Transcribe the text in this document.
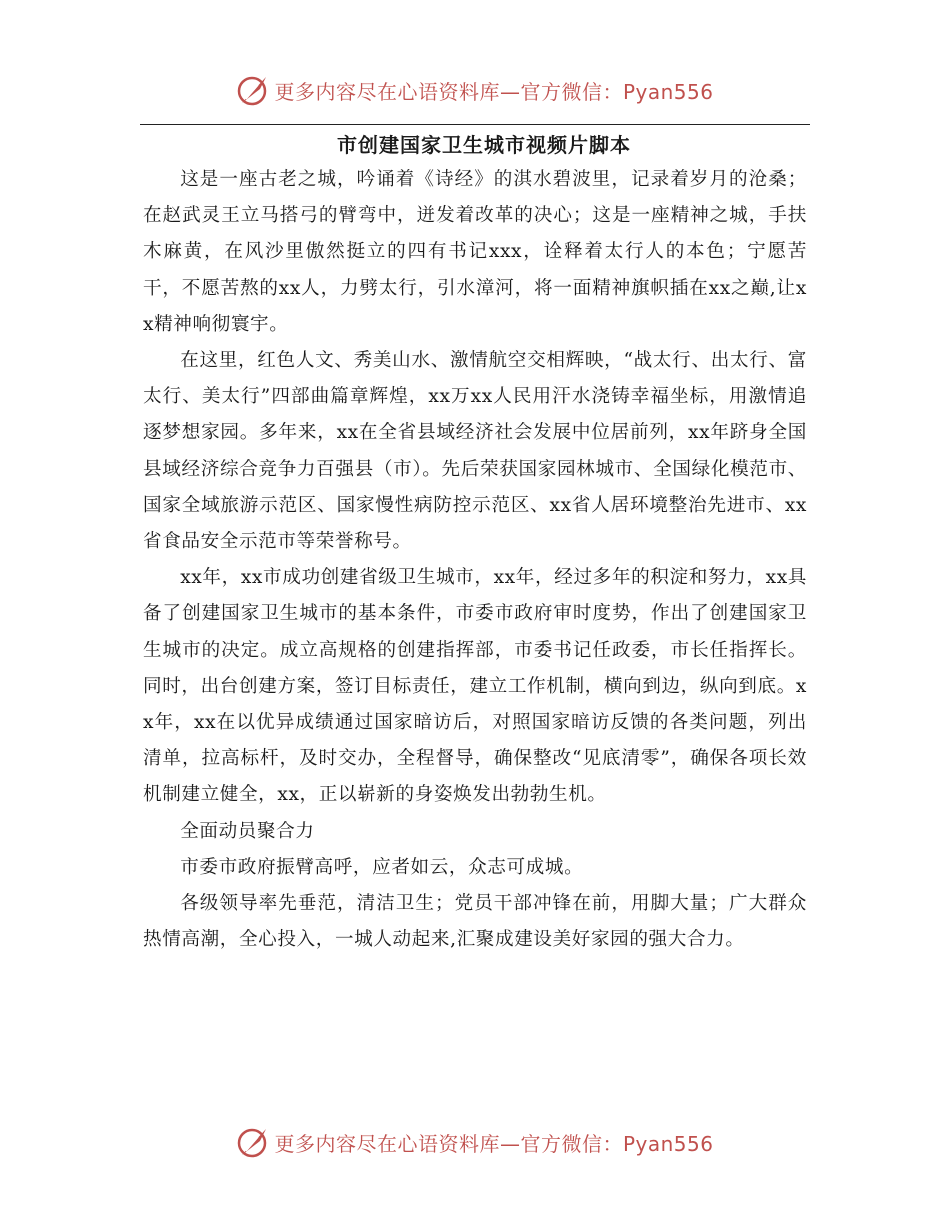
更多内容尽在心语资料库—官方微信：Pyan556
市创建国家卫生城市视频片脚本

这是一座古老之城，吟诵着《诗经》的淇水碧波里，记录着岁月的沧桑；在赵武灵王立马搭弓的臂弯中，迸发着改革的决心；这是一座精神之城，手扶木麻黄，在风沙里傲然挺立的四有书记xxx，诠释着太行人的本色；宁愿苦干，不愿苦熬的xx人，力劈太行，引水漳河，将一面精神旗帜插在xx之巅,让xx精神响彻寰宇。

在这里，红色人文、秀美山水、激情航空交相辉映，“战太行、出太行、富太行、美太行”四部曲篇章辉煌，xx万xx人民用汗水浇铸幸福坐标，用激情追逐梦想家园。多年来，xx在全省县域经济社会发展中位居前列，xx年跻身全国县域经济综合竞争力百强县（市）。先后荣获国家园林城市、全国绿化模范市、国家全域旅游示范区、国家慢性病防控示范区、xx省人居环境整治先进市、xx省食品安全示范市等荣誉称号。

xx年，xx市成功创建省级卫生城市，xx年，经过多年的积淀和努力，xx具备了创建国家卫生城市的基本条件，市委市政府审时度势，作出了创建国家卫生城市的决定。成立高规格的创建指挥部，市委书记任政委，市长任指挥长。同时，出台创建方案，签订目标责任，建立工作机制，横向到边，纵向到底。xx年，xx在以优异成绩通过国家暗访后，对照国家暗访反馈的各类问题，列出清单，拉高标杆，及时交办，全程督导，确保整改“见底清零”，确保各项长效机制建立健全，xx，正以崭新的身姿焕发出勃勃生机。

全面动员聚合力

市委市政府振臂高呼，应者如云，众志可成城。

各级领导率先垂范，清洁卫生；党员干部冲锋在前，用脚大量；广大群众热情高潮，全心投入，一城人动起来,汇聚成建设美好家园的强大合力。

更多内容尽在心语资料库—官方微信：Pyan556
